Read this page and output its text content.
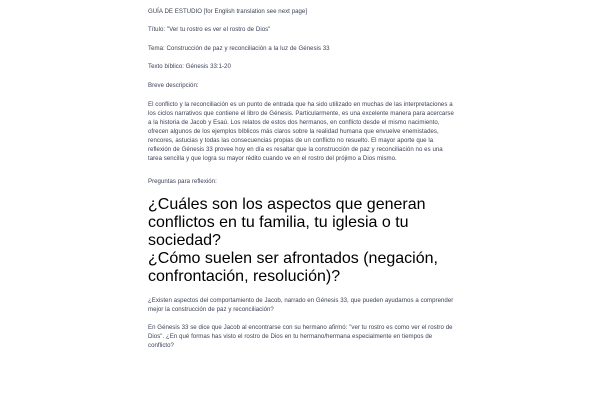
GUÍA DE ESTUDIO [for English translation see next page]

Título: "Ver tu rostro es ver el rostro de Dios"

Tema: Construcción de paz y reconciliación a la luz de Génesis 33

Texto bíblico: Génesis 33:1-20

Breve descripción:

El conflicto y la reconciliación es un punto de entrada que ha sido utilizado en muchas de las interpretaciones a los ciclos narrativos que contiene el libro de Génesis. Particularmente, es una excelente manera para acercarse a la historia de Jacob y Esaú. Los relatos de estos dos hermanos, en conflicto desde el mismo nacimiento, ofrecen algunos de los ejemplos bíblicos más claros sobre la realidad humana que envuelve enemistades, rencores, astucias y todas las consecuencias propias de un conflicto no resuelto. El mayor aporte que la reflexión de Génesis 33 provee hoy en día es resaltar que la construcción de paz y reconciliación no es una tarea sencilla y que logra su mayor rédito cuando ve en el rostro del prójimo a Dios mismo.

Preguntas para reflexión:

¿Cuáles son los aspectos que generan conflictos en tu familia, tu iglesia o tu sociedad?

¿Cómo suelen ser afrontados (negación, confrontación, resolución)?

¿Existen aspectos del comportamiento de Jacob, narrado en Génesis 33, que pueden ayudarnos a comprender mejor la construcción de paz y reconciliación?

En Génesis 33 se dice que Jacob al encontrarse con su hermano afirmó: "ver tu rostro es como ver el rostro de Dios". ¿En qué formas has visto el rostro de Dios en tu hermano/hermana especialmente en tiempos de conflicto?
